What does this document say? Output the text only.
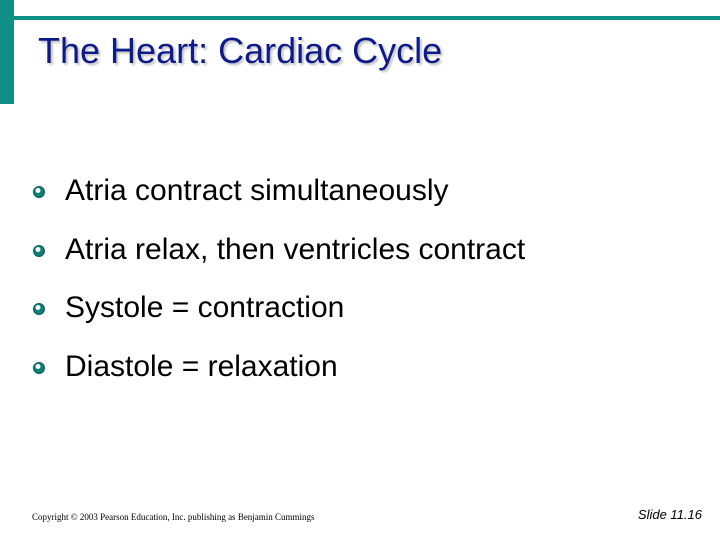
The Heart: Cardiac Cycle
Atria contract simultaneously
Atria relax, then ventricles contract
Systole = contraction
Diastole = relaxation
Copyright © 2003 Pearson Education, Inc. publishing as Benjamin Cummings	Slide 11.16
